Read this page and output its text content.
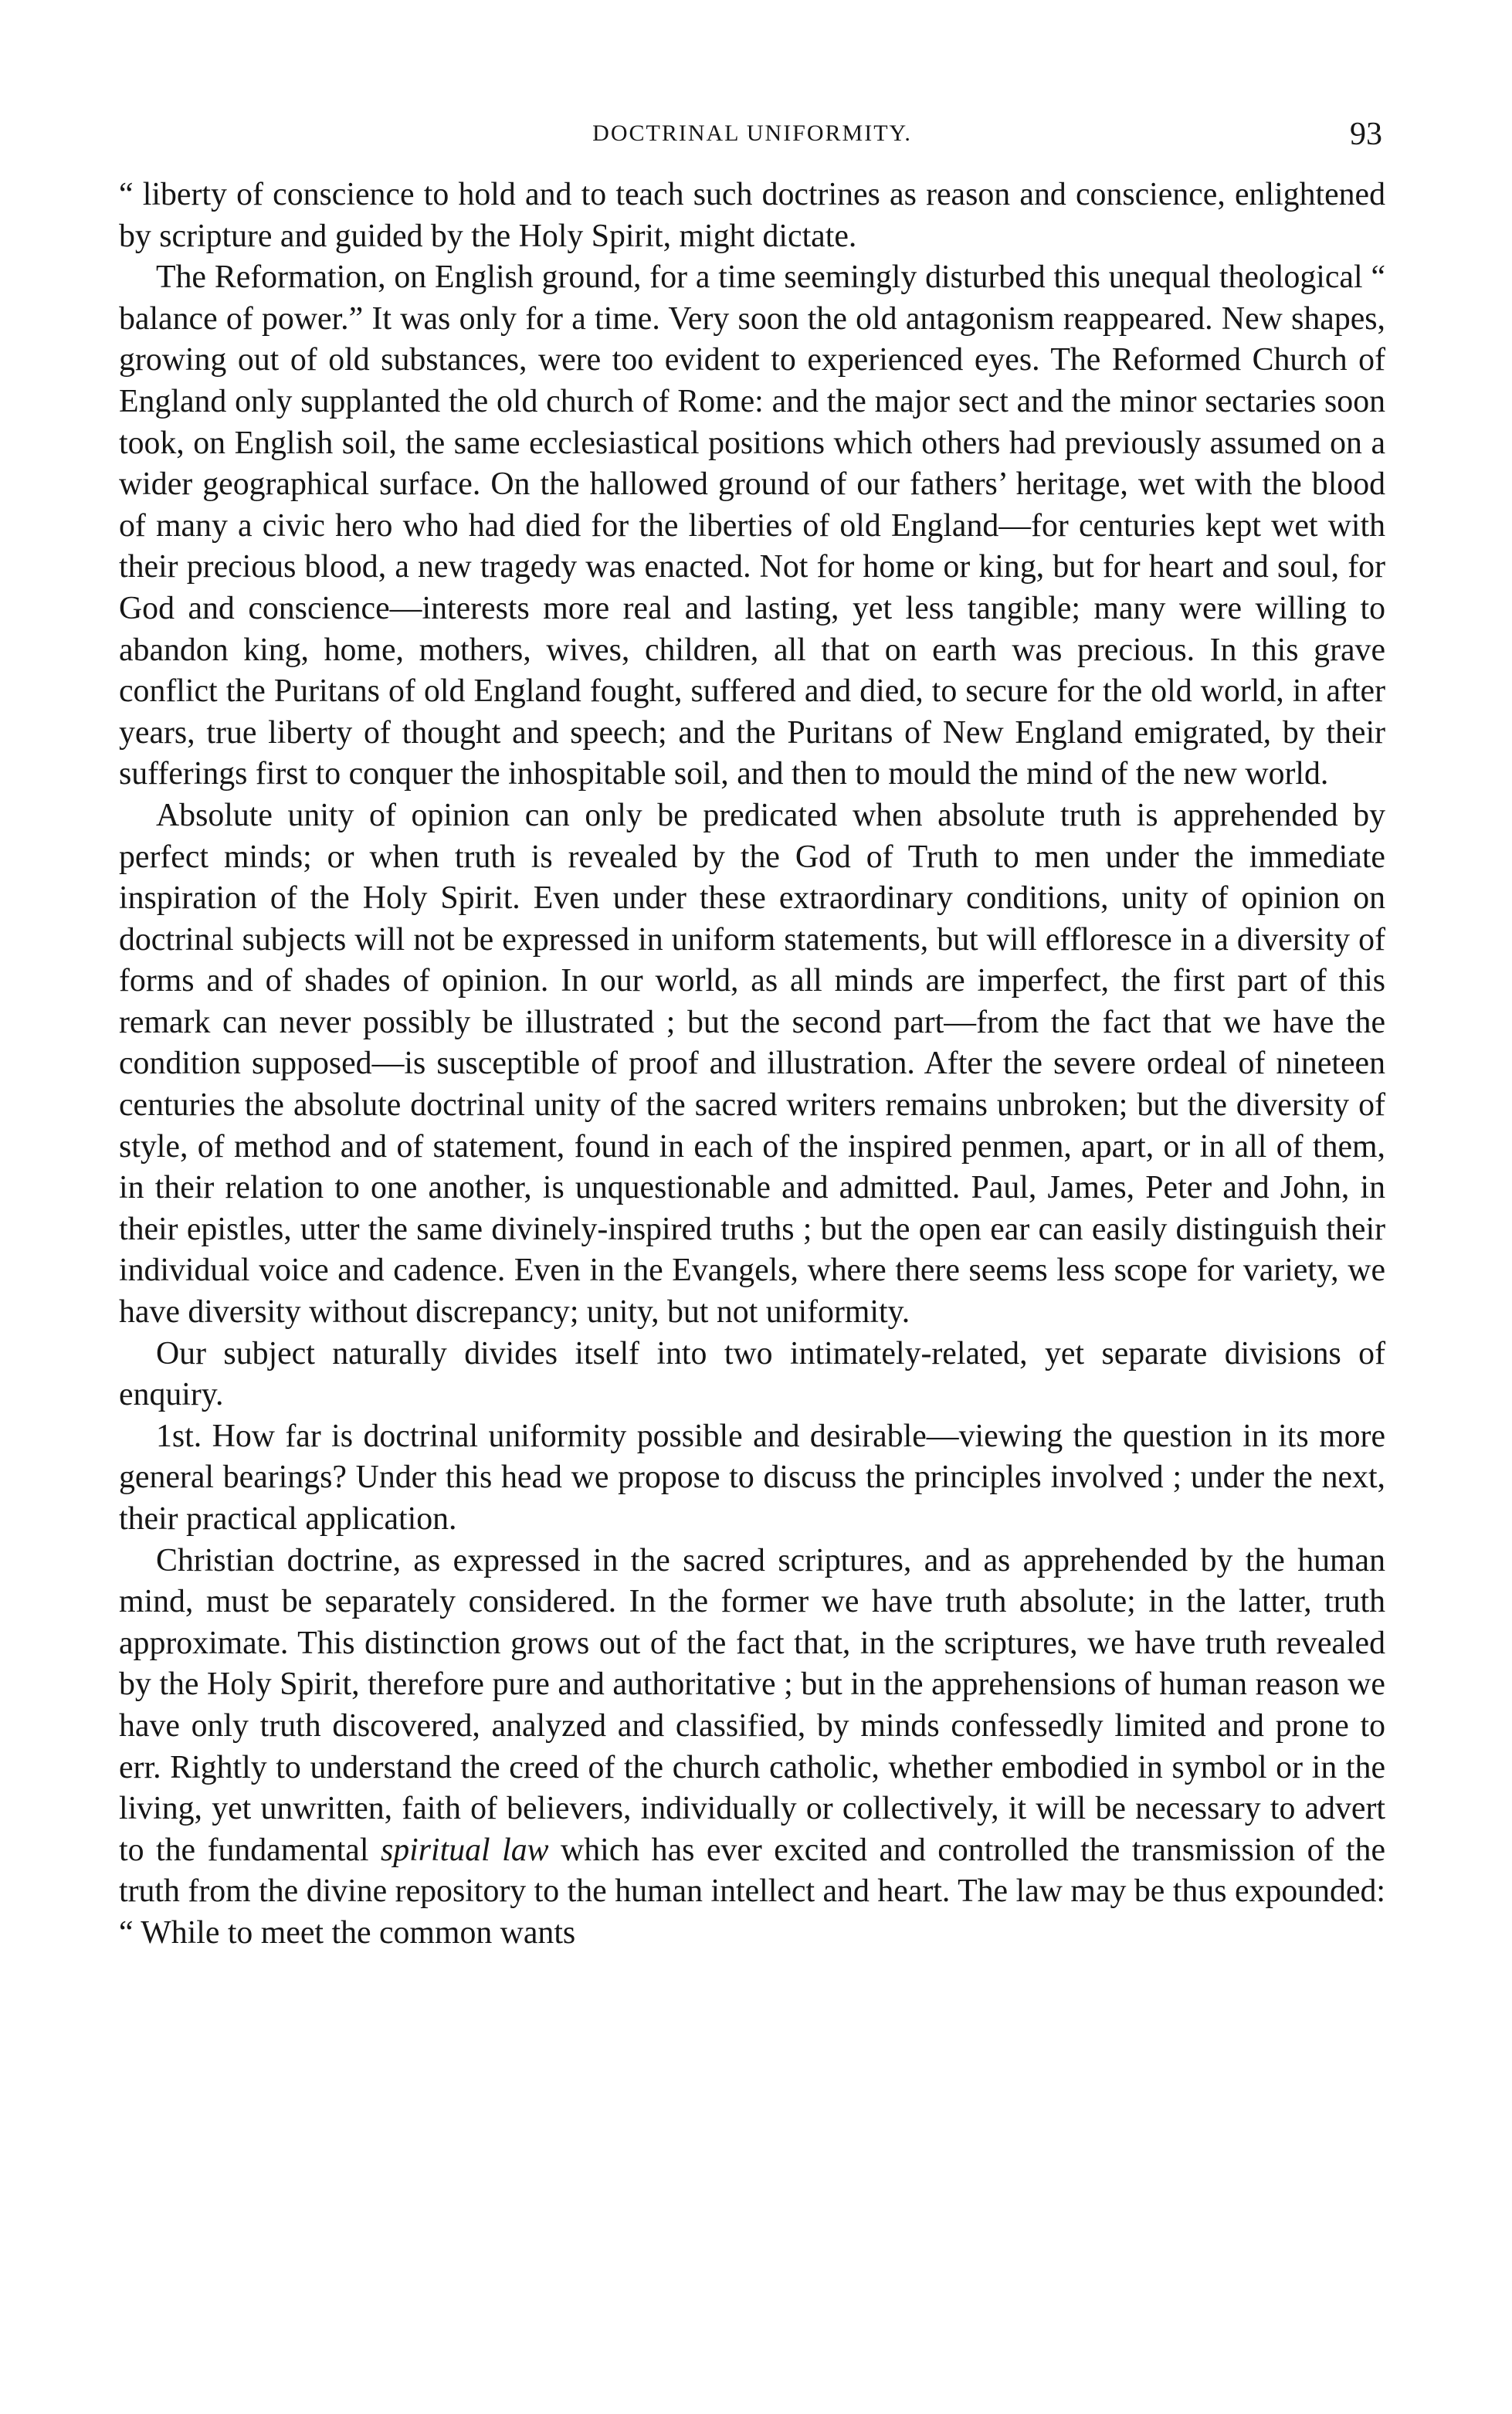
DOCTRINAL UNIFORMITY.	93

“ liberty of conscience to hold and to teach such doctrines as reason and conscience, enlightened by scripture and guided by the Holy Spirit, might dictate.

The Reformation, on English ground, for a time seemingly disturbed this unequal theological “ balance of power.” It was only for a time. Very soon the old antagonism reappeared. New shapes, growing out of old substances, were too evident to experienced eyes. The Reformed Church of England only supplanted the old church of Rome: and the major sect and the minor sectaries soon took, on English soil, the same ecclesiastical positions which others had previously assumed on a wider geographical surface. On the hallowed ground of our fathers’ heritage, wet with the blood of many a civic hero who had died for the liberties of old England—for centuries kept wet with their precious blood, a new tragedy was enacted. Not for home or king, but for heart and soul, for God and conscience—interests more real and lasting, yet less tangible; many were willing to abandon king, home, mothers, wives, children, all that on earth was precious. In this grave conflict the Puritans of old England fought, suffered and died, to secure for the old world, in after years, true liberty of thought and speech; and the Puritans of New England emigrated, by their sufferings first to conquer the inhospitable soil, and then to mould the mind of the new world.

Absolute unity of opinion can only be predicated when absolute truth is apprehended by perfect minds; or when truth is revealed by the God of Truth to men under the immediate inspiration of the Holy Spirit. Even under these extraordinary conditions, unity of opinion on doctrinal subjects will not be expressed in uniform statements, but will effloresce in a diversity of forms and of shades of opinion. In our world, as all minds are imperfect, the first part of this remark can never possibly be illustrated ; but the second part—from the fact that we have the condition supposed—is susceptible of proof and illustration. After the severe ordeal of nineteen centuries the absolute doctrinal unity of the sacred writers remains unbroken; but the diversity of style, of method and of statement, found in each of the inspired penmen, apart, or in all of them, in their relation to one another, is unquestionable and admitted. Paul, James, Peter and John, in their epistles, utter the same divinely-inspired truths ; but the open ear can easily distinguish their individual voice and cadence. Even in the Evangels, where there seems less scope for variety, we have diversity without discrepancy; unity, but not uniformity.

Our subject naturally divides itself into two intimately-related, yet separate divisions of enquiry.

1st. How far is doctrinal uniformity possible and desirable—viewing the question in its more general bearings? Under this head we propose to discuss the principles involved ; under the next, their practical application.

Christian doctrine, as expressed in the sacred scriptures, and as apprehended by the human mind, must be separately considered. In the former we have truth absolute; in the latter, truth approximate. This distinction grows out of the fact that, in the scriptures, we have truth revealed by the Holy Spirit, therefore pure and authoritative ; but in the apprehensions of human reason we have only truth discovered, analyzed and classified, by minds confessedly limited and prone to err. Rightly to understand the creed of the church catholic, whether embodied in symbol or in the living, yet unwritten, faith of believers, individually or collectively, it will be necessary to advert to the fundamental spiritual law which has ever excited and controlled the transmission of the truth from the divine repository to the human intellect and heart. The law may be thus expounded: “ While to meet the common wants
